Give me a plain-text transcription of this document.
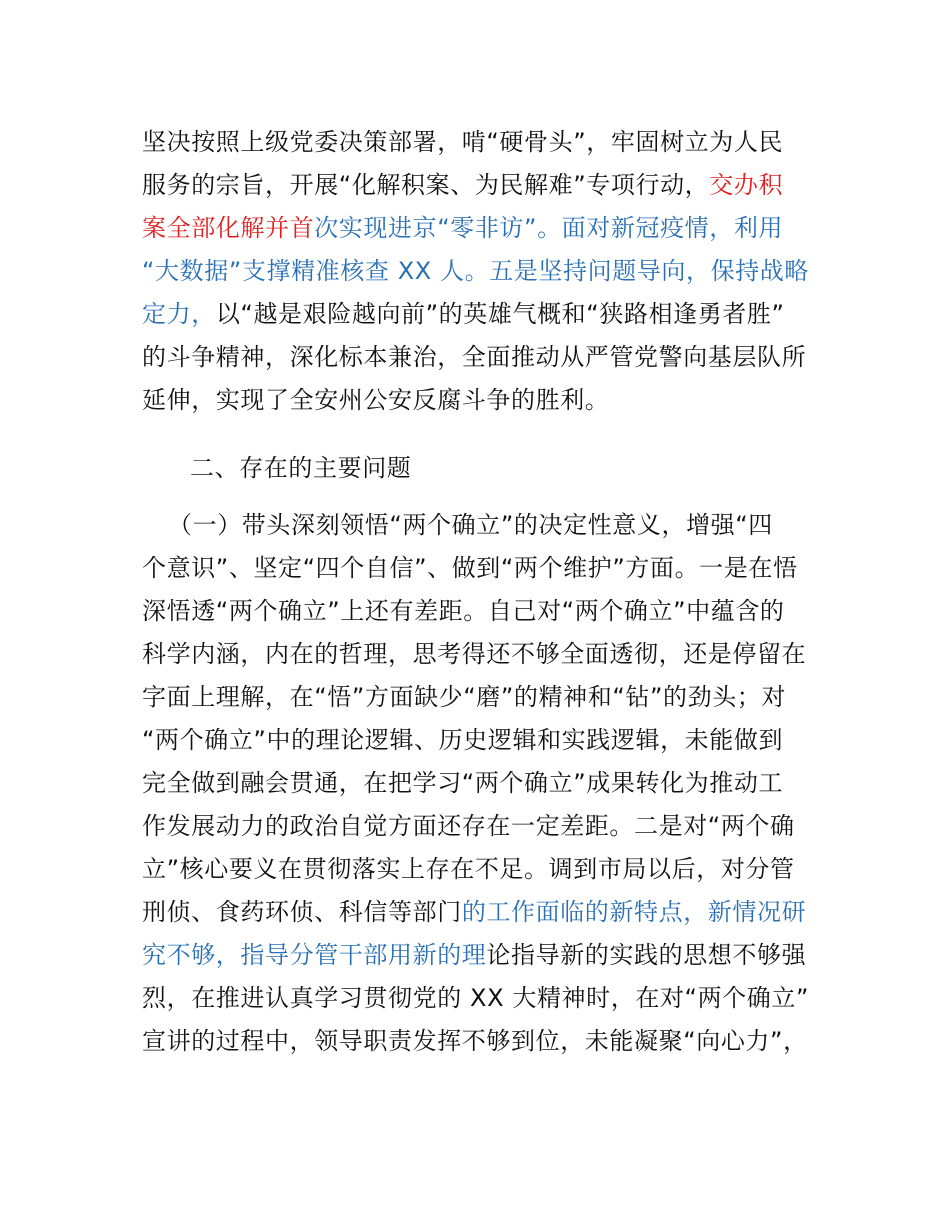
坚决按照上级党委决策部署，啃“硬骨头”，牢固树立为人民
服务的宗旨，开展“化解积案、为民解难”专项行动，交办积
案全部化解并首次实现进京“零非访”。面对新冠疫情，利用
“大数据”支撑精准核查 XX 人。五是坚持问题导向，保持战略
定力，以“越是艰险越向前”的英雄气概和“狭路相逢勇者胜”
的斗争精神，深化标本兼治，全面推动从严管党警向基层队所
延伸，实现了全安州公安反腐斗争的胜利。
二、存在的主要问题
（一）带头深刻领悟“两个确立”的决定性意义，增强“四
个意识”、坚定“四个自信”、做到“两个维护”方面。一是在悟
深悟透“两个确立”上还有差距。自己对“两个确立”中蕴含的
科学内涵，内在的哲理，思考得还不够全面透彻，还是停留在
字面上理解，在“悟”方面缺少“磨”的精神和“钻”的劲头；对
“两个确立”中的理论逻辑、历史逻辑和实践逻辑，未能做到
完全做到融会贯通，在把学习“两个确立”成果转化为推动工
作发展动力的政治自觉方面还存在一定差距。二是对“两个确
立”核心要义在贯彻落实上存在不足。调到市局以后，对分管
刑侦、食药环侦、科信等部门的工作面临的新特点，新情况研
究不够，指导分管干部用新的理论指导新的实践的思想不够强
烈，在推进认真学习贯彻党的 XX 大精神时，在对“两个确立”
宣讲的过程中，领导职责发挥不够到位，未能凝聚“向心力”，
